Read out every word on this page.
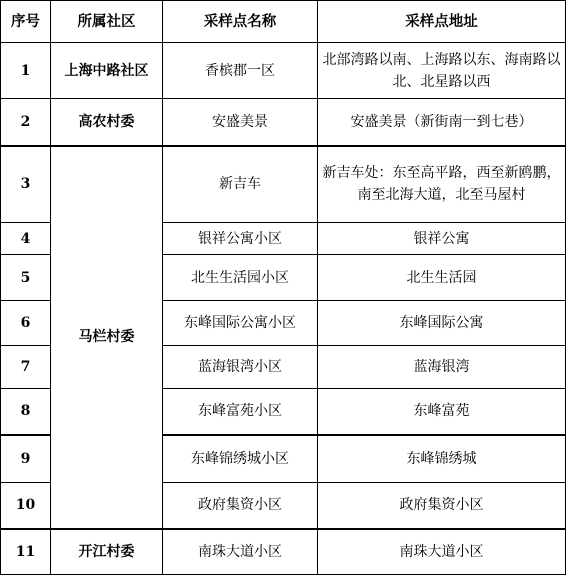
序号	所属社区	采样点名称	采样点地址
1	上海中路社区	香槟郡一区	北部湾路以南、上海路以东、海南路以北、北星路以西
2	高农村委	安盛美景	安盛美景（新街南一到七巷）
3	马栏村委	新吉车	新吉车处：东至高平路，西至新鸥鹏，南至北海大道，北至马屋村
4		银祥公寓小区	银祥公寓
5		北生生活园小区	北生生活园
6		东峰国际公寓小区	东峰国际公寓
7		蓝海银湾小区	蓝海银湾
8		东峰富苑小区	东峰富苑
9		东峰锦绣城小区	东峰锦绣城
10		政府集资小区	政府集资小区
11	开江村委	南珠大道小区	南珠大道小区
